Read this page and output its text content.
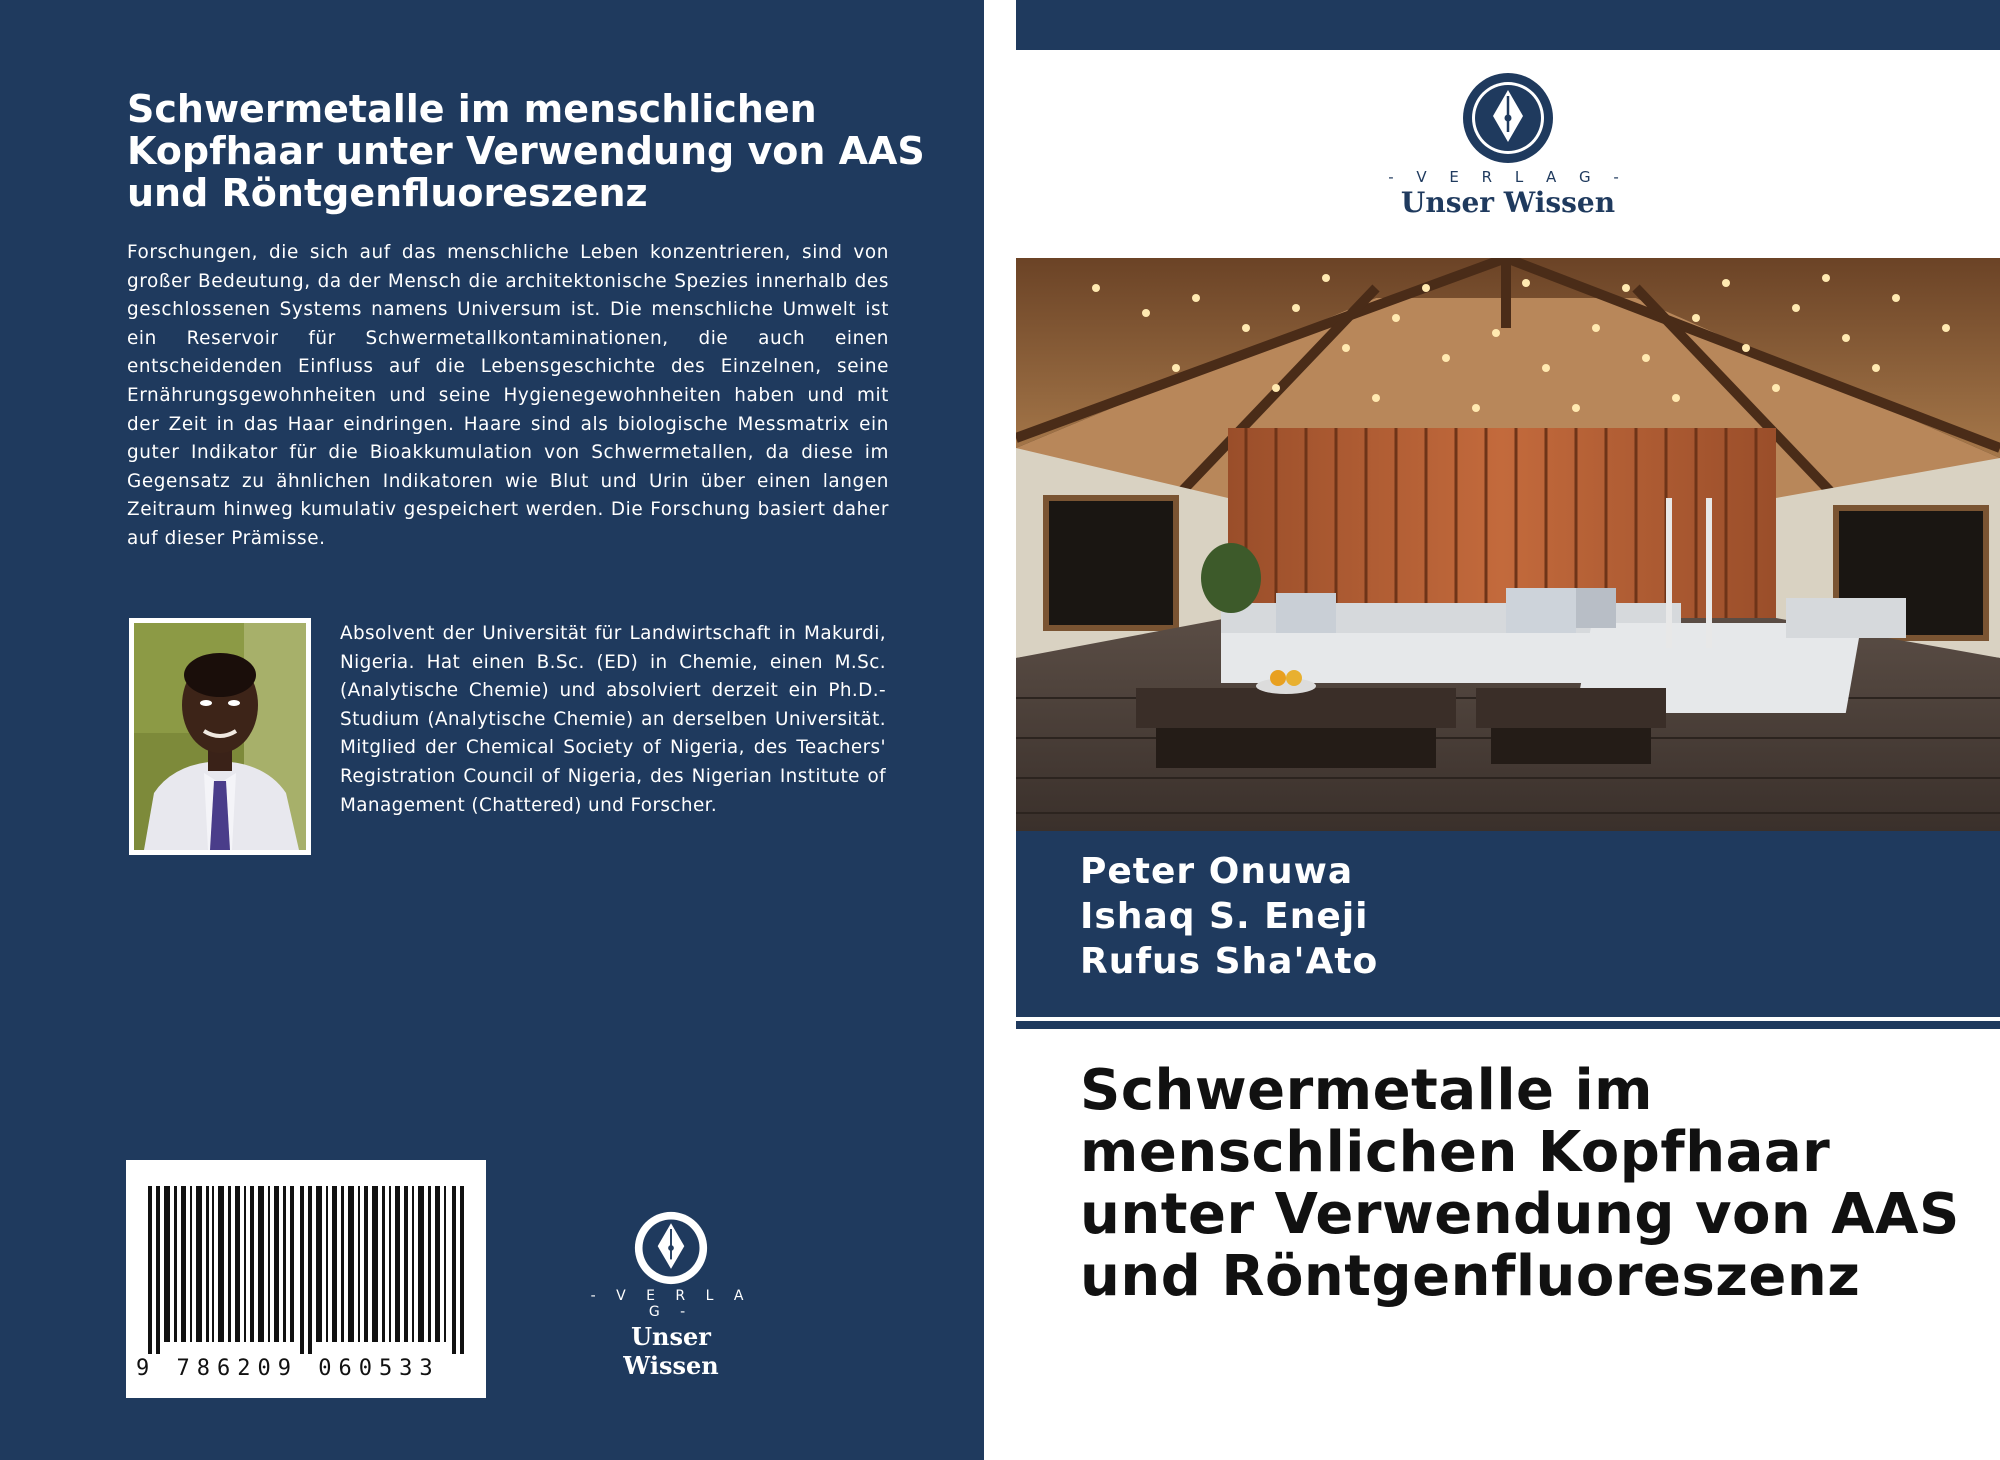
Schwermetalle im menschlichen Kopfhaar unter Verwendung von AAS und Röntgenfluoreszenz

Forschungen, die sich auf das menschliche Leben konzentrieren, sind von großer Bedeutung, da der Mensch die architektonische Spezies innerhalb des geschlossenen Systems namens Universum ist. Die menschliche Umwelt ist ein Reservoir für Schwermetallkontaminationen, die auch einen entscheidenden Einfluss auf die Lebensgeschichte des Einzelnen, seine Ernährungsgewohnheiten und seine Hygienegewohnheiten haben und mit der Zeit in das Haar eindringen. Haare sind als biologische Messmatrix ein guter Indikator für die Bioakkumulation von Schwermetallen, da diese im Gegensatz zu ähnlichen Indikatoren wie Blut und Urin über einen langen Zeitraum hinweg kumulativ gespeichert werden. Die Forschung basiert daher auf dieser Prämisse.

Absolvent der Universität für Landwirtschaft in Makurdi, Nigeria. Hat einen B.Sc. (ED) in Chemie, einen M.Sc. (Analytische Chemie) und absolviert derzeit ein Ph.D.-Studium (Analytische Chemie) an derselben Universität. Mitglied der Chemical Society of Nigeria, des Teachers' Registration Council of Nigeria, des Nigerian Institute of Management (Chattered) und Forscher.

9 786209 060533
- V E R L A G -
Unser Wissen
- V E R L A G -
Unser Wissen
Peter Onuwa
Ishaq S. Eneji
Rufus Sha'Ato
Schwermetalle im menschlichen Kopfhaar unter Verwendung von AAS und Röntgenfluoreszenz
